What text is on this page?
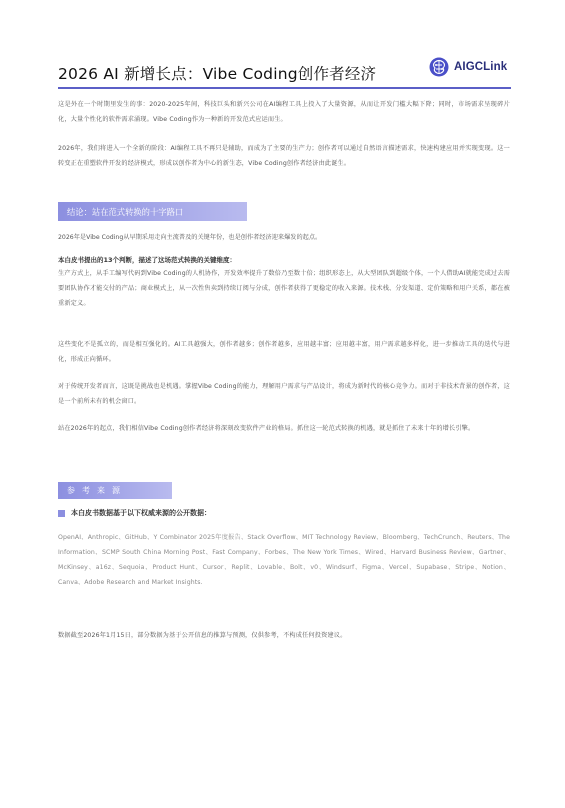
2026 AI 新增长点：Vibe Coding创作者经济	AIGCLink
这是外在一个时期里发生的事：2020-2025年间，科技巨头和新兴公司在AI编程工具上投入了大量资源，从而让开发门槛大幅下降；同时，市场需求呈现碎片化，大量个性化的软件需求涌现。Vibe Coding作为一种新的开发范式应运而生。
2026年，我们将进入一个全新的阶段：AI编程工具不再只是辅助，而成为了主要的生产力；创作者可以通过自然语言描述需求，快速构建应用并实现变现。这一转变正在重塑软件开发的经济模式，形成以创作者为中心的新生态，Vibe Coding创作者经济由此诞生。
结论：站在范式转换的十字路口
2026年是Vibe Coding从早期采用走向主流普及的关键年份，也是创作者经济迎来爆发的起点。
本白皮书提出的13个判断，描述了这场范式转换的关键维度：
生产方式上，从手工编写代码到Vibe Coding的人机协作，开发效率提升了数倍乃至数十倍；组织形态上，从大型团队到超级个体，一个人借助AI就能完成过去需要团队协作才能交付的产品；商业模式上，从一次性售卖到持续订阅与分成，创作者获得了更稳定的收入来源。技术栈、分发渠道、定价策略和用户关系，都在被重新定义。
这些变化不是孤立的，而是相互强化的。AI工具越强大，创作者越多；创作者越多，应用越丰富；应用越丰富，用户需求越多样化，进一步推动工具的迭代与进化，形成正向循环。
对于传统开发者而言，这既是挑战也是机遇。掌握Vibe Coding的能力，理解用户需求与产品设计，将成为新时代的核心竞争力。而对于非技术背景的创作者，这是一个前所未有的机会窗口。
站在2026年的起点，我们相信Vibe Coding创作者经济将深刻改变软件产业的格局。抓住这一轮范式转换的机遇，就是抓住了未来十年的增长引擎。
参考来源
本白皮书数据基于以下权威来源的公开数据：
OpenAI、Anthropic、GitHub、Y Combinator 2025年度报告、Stack Overflow、MIT Technology Review、Bloomberg、TechCrunch、Reuters、The Information、SCMP South China Morning Post、Fast Company、Forbes、The New York Times、Wired、Harvard Business Review、Gartner、McKinsey、a16z、Sequoia、Product Hunt、Cursor、Replit、Lovable、Bolt、v0、Windsurf、Figma、Vercel、Supabase、Stripe、Notion、Canva、Adobe Research and Market Insights.
数据截至2026年1月15日，部分数据为基于公开信息的推算与预测，仅供参考，不构成任何投资建议。
